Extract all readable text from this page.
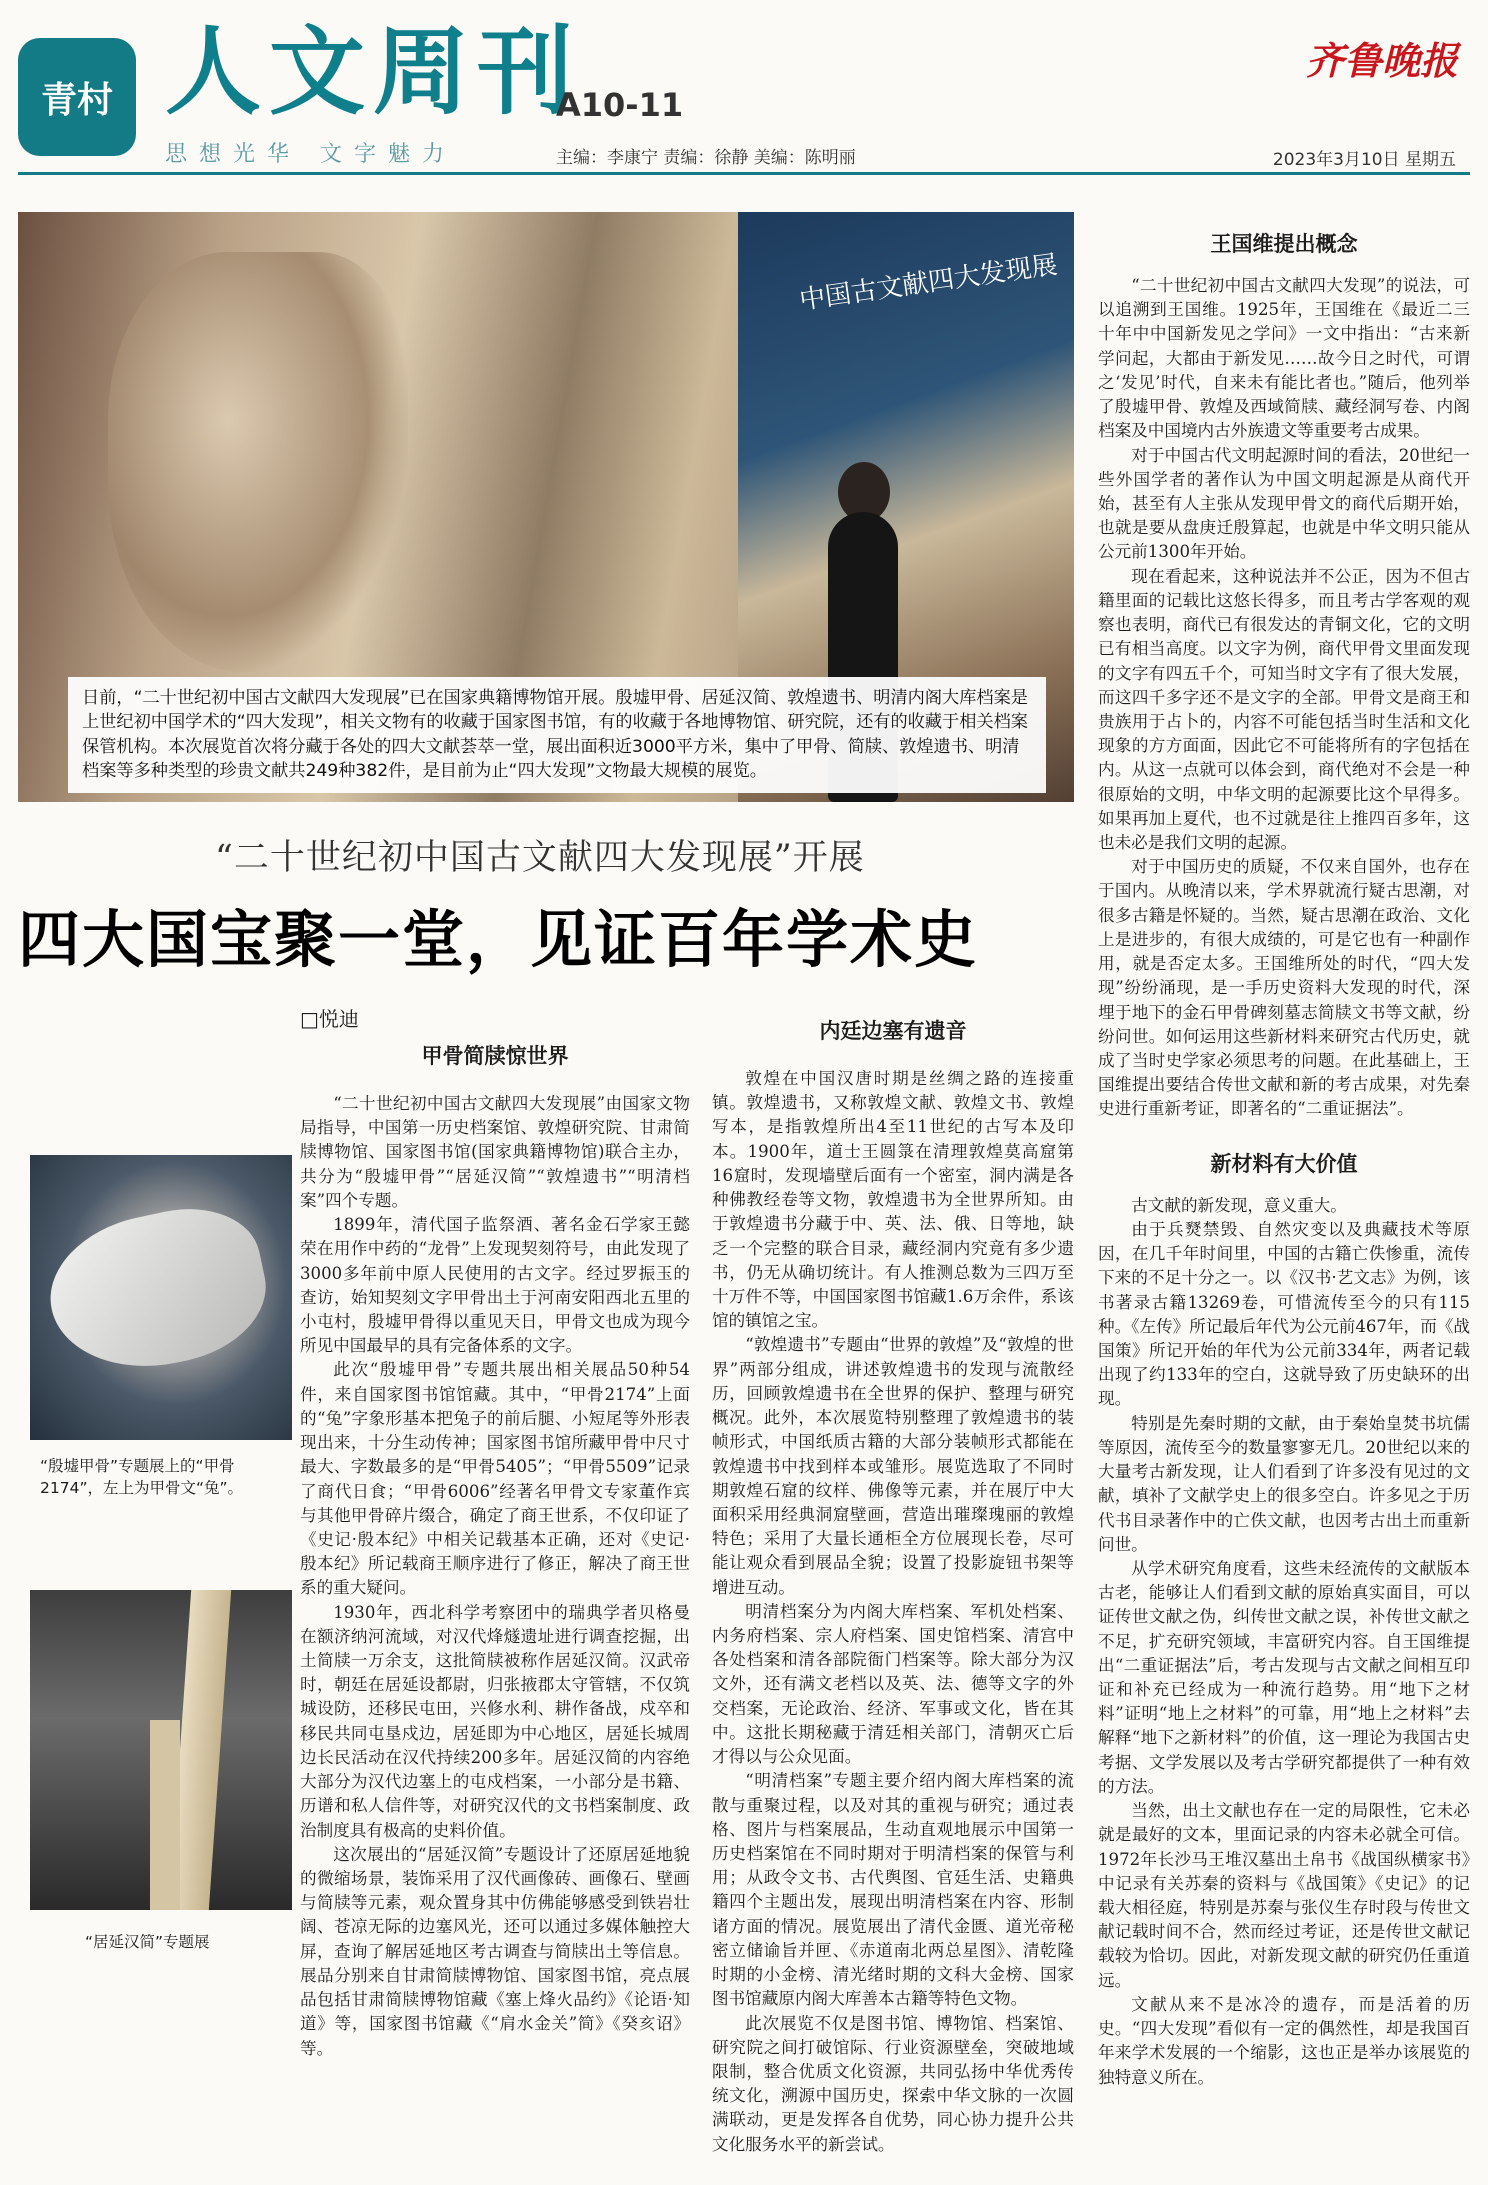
青村 人文周刊
思想光华 文字魅力
A10-11
主编：李康宁 责编：徐静 美编：陈明丽
齐鲁晚报
2023年3月10日 星期五
中国古文献四大发现展
日前，“二十世纪初中国古文献四大发现展”已在国家典籍博物馆开展。殷墟甲骨、居延汉简、敦煌遗书、明清内阁大库档案是上世纪初中国学术的“四大发现”，相关文物有的收藏于国家图书馆，有的收藏于各地博物馆、研究院，还有的收藏于相关档案保管机构。本次展览首次将分藏于各处的四大文献荟萃一堂，展出面积近3000平方米，集中了甲骨、简牍、敦煌遗书、明清档案等多种类型的珍贵文献共249种382件，是目前为止“四大发现”文物最大规模的展览。
“二十世纪初中国古文献四大发现展”开展
四大国宝聚一堂，见证百年学术史
□悦迪
甲骨简牍惊世界

“二十世纪初中国古文献四大发现展”由国家文物局指导，中国第一历史档案馆、敦煌研究院、甘肃简牍博物馆、国家图书馆(国家典籍博物馆)联合主办，共分为“殷墟甲骨”“居延汉简”“敦煌遗书”“明清档案”四个专题。

1899年，清代国子监祭酒、著名金石学家王懿荣在用作中药的“龙骨”上发现契刻符号，由此发现了3000多年前中原人民使用的古文字。经过罗振玉的查访，始知契刻文字甲骨出土于河南安阳西北五里的小屯村，殷墟甲骨得以重见天日，甲骨文也成为现今所见中国最早的具有完备体系的文字。

此次“殷墟甲骨”专题共展出相关展品50种54件，来自国家图书馆馆藏。其中，“甲骨2174”上面的“兔”字象形基本把兔子的前后腿、小短尾等外形表现出来，十分生动传神；国家图书馆所藏甲骨中尺寸最大、字数最多的是“甲骨5405”；“甲骨5509”记录了商代日食；“甲骨6006”经著名甲骨文专家董作宾与其他甲骨碎片缀合，确定了商王世系，不仅印证了《史记·殷本纪》中相关记载基本正确，还对《史记·殷本纪》所记载商王顺序进行了修正，解决了商王世系的重大疑问。

1930年，西北科学考察团中的瑞典学者贝格曼在额济纳河流域，对汉代烽燧遗址进行调查挖掘，出土简牍一万余支，这批简牍被称作居延汉简。汉武帝时，朝廷在居延设都尉，归张掖郡太守管辖，不仅筑城设防，还移民屯田，兴修水利、耕作备战，戍卒和移民共同屯垦戍边，居延即为中心地区，居延长城周边长民活动在汉代持续200多年。居延汉简的内容绝大部分为汉代边塞上的屯戍档案，一小部分是书籍、历谱和私人信件等，对研究汉代的文书档案制度、政治制度具有极高的史料价值。

这次展出的“居延汉简”专题设计了还原居延地貌的微缩场景，装饰采用了汉代画像砖、画像石、壁画与简牍等元素，观众置身其中仿佛能够感受到铁岩壮阔、苍凉无际的边塞风光，还可以通过多媒体触控大屏，查询了解居延地区考古调查与简牍出土等信息。展品分别来自甘肃简牍博物馆、国家图书馆，亮点展品包括甘肃简牍博物馆藏《塞上烽火品约》《论语·知道》等，国家图书馆藏《“肩水金关”简》《癸亥诏》等。

“殷墟甲骨”专题展上的“甲骨2174”，左上为甲骨文“兔”。
“居延汉简”专题展
内廷边塞有遗音

敦煌在中国汉唐时期是丝绸之路的连接重镇。敦煌遗书，又称敦煌文献、敦煌文书、敦煌写本，是指敦煌所出4至11世纪的古写本及印本。1900年，道士王圆箓在清理敦煌莫高窟第16窟时，发现墙壁后面有一个密室，洞内满是各种佛教经卷等文物，敦煌遗书为全世界所知。由于敦煌遗书分藏于中、英、法、俄、日等地，缺乏一个完整的联合目录，藏经洞内究竟有多少遗书，仍无从确切统计。有人推测总数为三四万至十万件不等，中国国家图书馆藏1.6万余件，系该馆的镇馆之宝。

“敦煌遗书”专题由“世界的敦煌”及“敦煌的世界”两部分组成，讲述敦煌遗书的发现与流散经历，回顾敦煌遗书在全世界的保护、整理与研究概况。此外，本次展览特别整理了敦煌遗书的装帧形式，中国纸质古籍的大部分装帧形式都能在敦煌遗书中找到样本或雏形。展览选取了不同时期敦煌石窟的纹样、佛像等元素，并在展厅中大面积采用经典洞窟壁画，营造出璀璨瑰丽的敦煌特色；采用了大量长通柜全方位展现长卷，尽可能让观众看到展品全貌；设置了投影旋钮书架等增进互动。

明清档案分为内阁大库档案、军机处档案、内务府档案、宗人府档案、国史馆档案、清宫中各处档案和清各部院衙门档案等。除大部分为汉文外，还有满文老档以及英、法、德等文字的外交档案，无论政治、经济、军事或文化，皆在其中。这批长期秘藏于清廷相关部门，清朝灭亡后才得以与公众见面。

“明清档案”专题主要介绍内阁大库档案的流散与重聚过程，以及对其的重视与研究；通过表格、图片与档案展品，生动直观地展示中国第一历史档案馆在不同时期对于明清档案的保管与利用；从政令文书、古代舆图、官廷生活、史籍典籍四个主题出发，展现出明清档案在内容、形制诸方面的情况。展览展出了清代金匮、道光帝秘密立储谕旨并匣、《赤道南北两总星图》、清乾隆时期的小金榜、清光绪时期的文科大金榜、国家图书馆藏原内阁大库善本古籍等特色文物。

此次展览不仅是图书馆、博物馆、档案馆、研究院之间打破馆际、行业资源壁垒，突破地域限制，整合优质文化资源，共同弘扬中华优秀传统文化，溯源中国历史，探索中华文脉的一次圆满联动，更是发挥各自优势，同心协力提升公共文化服务水平的新尝试。

王国维提出概念

“二十世纪初中国古文献四大发现”的说法，可以追溯到王国维。1925年，王国维在《最近二三十年中中国新发见之学问》一文中指出：“古来新学问起，大都由于新发见……故今日之时代，可谓之‘发见’时代，自来未有能比者也。”随后，他列举了殷墟甲骨、敦煌及西域简牍、藏经洞写卷、内阁档案及中国境内古外族遗文等重要考古成果。

对于中国古代文明起源时间的看法，20世纪一些外国学者的著作认为中国文明起源是从商代开始，甚至有人主张从发现甲骨文的商代后期开始，也就是要从盘庚迁殷算起，也就是中华文明只能从公元前1300年开始。

现在看起来，这种说法并不公正，因为不但古籍里面的记载比这悠长得多，而且考古学客观的观察也表明，商代已有很发达的青铜文化，它的文明已有相当高度。以文字为例，商代甲骨文里面发现的文字有四五千个，可知当时文字有了很大发展，而这四千多字还不是文字的全部。甲骨文是商王和贵族用于占卜的，内容不可能包括当时生活和文化现象的方方面面，因此它不可能将所有的字包括在内。从这一点就可以体会到，商代绝对不会是一种很原始的文明，中华文明的起源要比这个早得多。如果再加上夏代，也不过就是往上推四百多年，这也未必是我们文明的起源。

对于中国历史的质疑，不仅来自国外，也存在于国内。从晚清以来，学术界就流行疑古思潮，对很多古籍是怀疑的。当然，疑古思潮在政治、文化上是进步的，有很大成绩的，可是它也有一种副作用，就是否定太多。王国维所处的时代，“四大发现”纷纷涌现，是一手历史资料大发现的时代，深埋于地下的金石甲骨碑刻墓志简牍文书等文献，纷纷问世。如何运用这些新材料来研究古代历史，就成了当时史学家必须思考的问题。在此基础上，王国维提出要结合传世文献和新的考古成果，对先秦史进行重新考证，即著名的“二重证据法”。

新材料有大价值

古文献的新发现，意义重大。

由于兵燹禁毁、自然灾变以及典藏技术等原因，在几千年时间里，中国的古籍亡佚惨重，流传下来的不足十分之一。以《汉书·艺文志》为例，该书著录古籍13269卷，可惜流传至今的只有115种。《左传》所记最后年代为公元前467年，而《战国策》所记开始的年代为公元前334年，两者记载出现了约133年的空白，这就导致了历史缺环的出现。

特别是先秦时期的文献，由于秦始皇焚书坑儒等原因，流传至今的数量寥寥无几。20世纪以来的大量考古新发现，让人们看到了许多没有见过的文献，填补了文献学史上的很多空白。许多见之于历代书目录著作中的亡佚文献，也因考古出土而重新问世。

从学术研究角度看，这些未经流传的文献版本古老，能够让人们看到文献的原始真实面目，可以证传世文献之伪，纠传世文献之误，补传世文献之不足，扩充研究领域，丰富研究内容。自王国维提出“二重证据法”后，考古发现与古文献之间相互印证和补充已经成为一种流行趋势。用“地下之材料”证明“地上之材料”的可靠，用“地上之材料”去解释“地下之新材料”的价值，这一理论为我国古史考据、文学发展以及考古学研究都提供了一种有效的方法。

当然，出土文献也存在一定的局限性，它未必就是最好的文本，里面记录的内容未必就全可信。1972年长沙马王堆汉墓出土帛书《战国纵横家书》中记录有关苏秦的资料与《战国策》《史记》的记载大相径庭，特别是苏秦与张仪生存时段与传世文献记载时间不合，然而经过考证，还是传世文献记载较为恰切。因此，对新发现文献的研究仍任重道远。

文献从来不是冰冷的遗存，而是活着的历史。“四大发现”看似有一定的偶然性，却是我国百年来学术发展的一个缩影，这也正是举办该展览的独特意义所在。
